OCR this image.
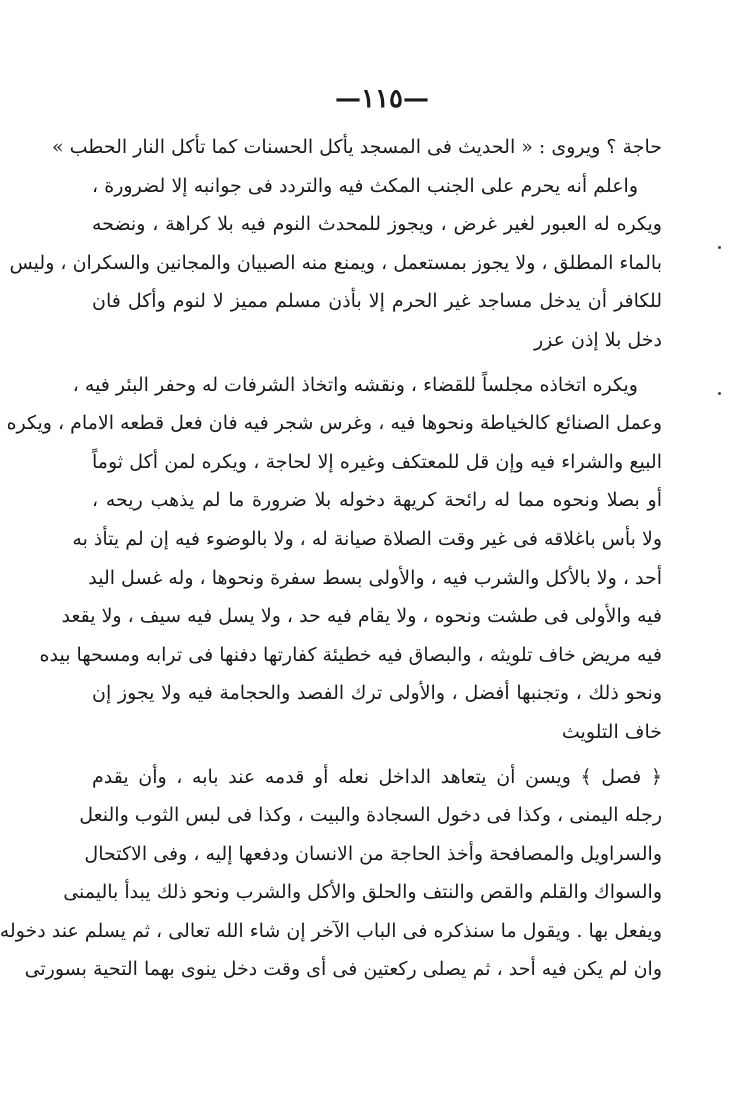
—١١٥—
حاجة ؟ ويروى : « الحديث فى المسجد يأكل الحسنات كما تأكل النار الحطب »
واعلم أنه يحرم على الجنب المكث فيه والتردد فى جوانبه إلا لضرورة ،
ويكره له العبور لغير غرض ، ويجوز للمحدث النوم فيه بلا كراهة ، ونضحه
بالماء المطلق ، ولا يجوز بمستعمل ، ويمنع منه الصبيان والمجانين والسكران ، وليس
للكافر أن يدخل مساجد غير الحرم إلا بأذن مسلم مميز لا لنوم وأكل فان
دخل بلا إذن عزر
ويكره اتخاذه مجلساً للقضاء ، ونقشه واتخاذ الشرفات له وحفر البئر فيه ،
وعمل الصنائع كالخياطة ونحوها فيه ، وغرس شجر فيه فان فعل قطعه الامام ، ويكره
البيع والشراء فيه وإن قل للمعتكف وغيره إلا لحاجة ، ويكره لمن أكل ثوماً
أو بصلا ونحوه مما له رائحة كريهة دخوله بلا ضرورة ما لم يذهب ريحه ،
ولا بأس باغلاقه فى غير وقت الصلاة صيانة له ، ولا بالوضوء فيه إن لم يتأذ به
أحد ، ولا بالأكل والشرب فيه ، والأولى بسط سفرة ونحوها ، وله غسل اليد
فيه والأولى فى طشت ونحوه ، ولا يقام فيه حد ، ولا يسل فيه سيف ، ولا يقعد
فيه مريض خاف تلويثه ، والبصاق فيه خطيئة كفارتها دفنها فى ترابه ومسحها بيده
ونحو ذلك ، وتجنبها أفضل ، والأولى ترك الفصد والحجامة فيه ولا يجوز إن
خاف التلويث
﴿ فصل ﴾ ويسن أن يتعاهد الداخل نعله أو قدمه عند بابه ، وأن يقدم
رجله اليمنى ، وكذا فى دخول السجادة والبيت ، وكذا فى لبس الثوب والنعل
والسراويل والمصافحة وأخذ الحاجة من الانسان ودفعها إليه ، وفى الاكتحال
والسواك والقلم والقص والنتف والحلق والأكل والشرب ونحو ذلك يبدأ باليمنى
ويفعل بها . ويقول ما سنذكره فى الباب الآخر إن شاء الله تعالى ، ثم يسلم عند دخوله
وان لم يكن فيه أحد ، ثم يصلى ركعتين فى أى وقت دخل ينوى بهما التحية بسورتى
